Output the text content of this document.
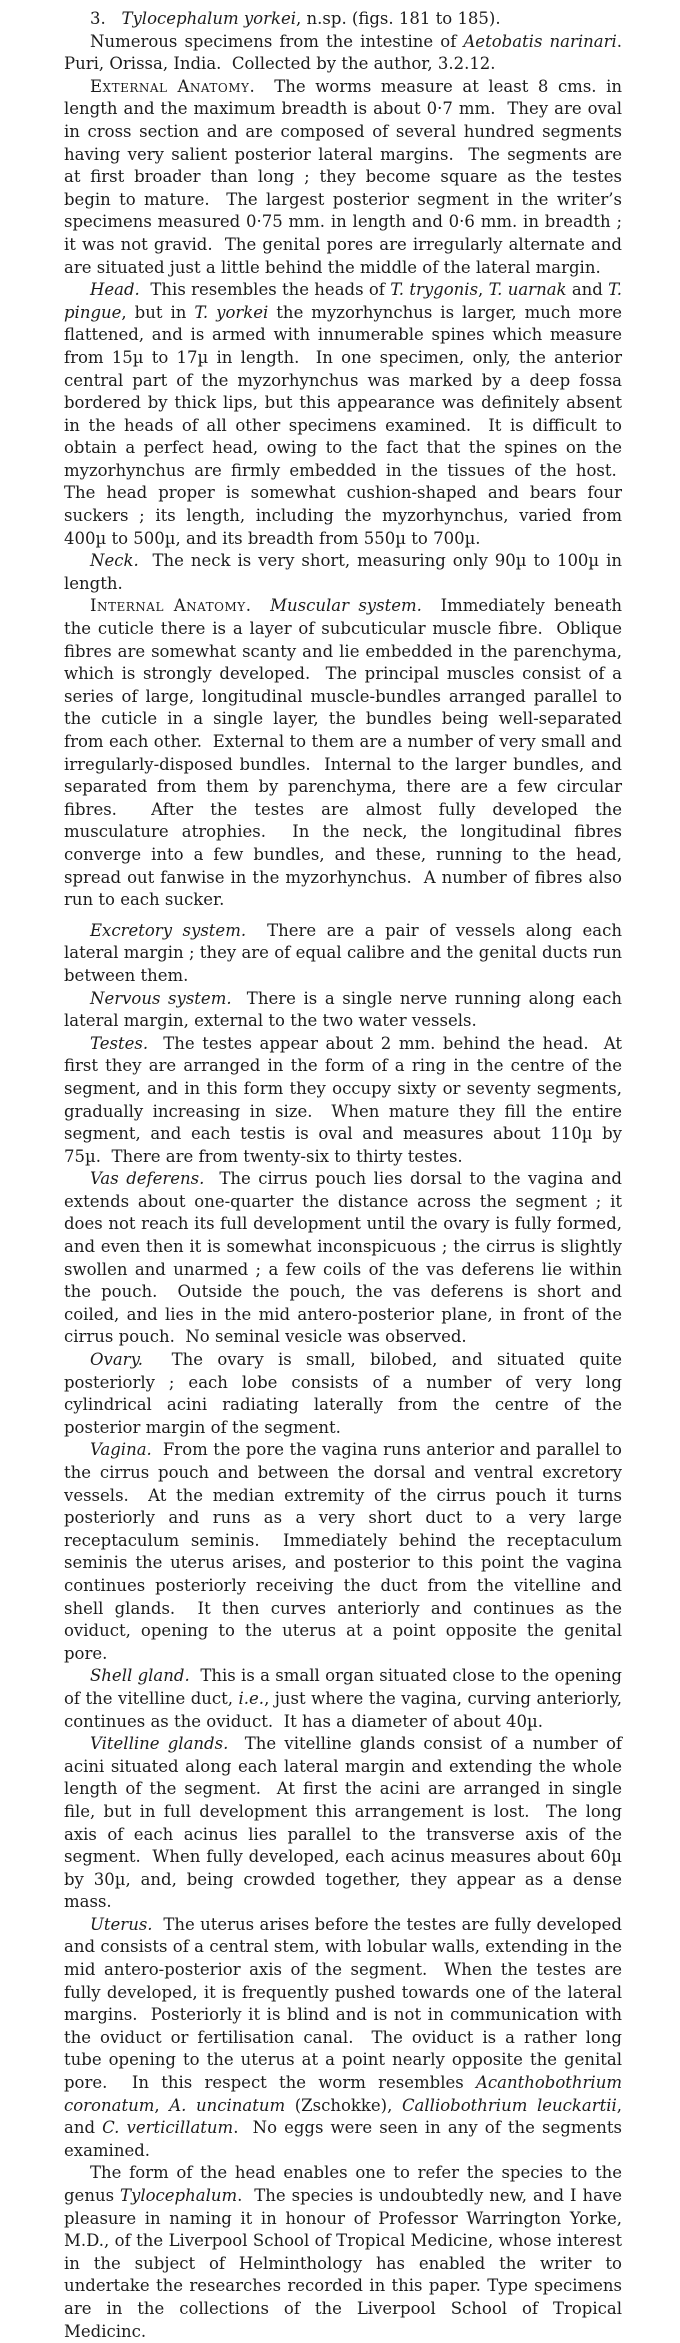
3.   Tylocephalum yorkei, n.sp. (figs. 181 to 185).

Numerous specimens from the intestine of Aetobatis narinari. Puri, Orissa, India.  Collected by the author, 3.2.12.

External Anatomy.  The worms measure at least 8 cms. in length and the maximum breadth is about 0·7 mm.  They are oval in cross section and are composed of several hundred segments having very salient posterior lateral margins.  The segments are at first broader than long ; they become square as the testes begin to mature.  The largest posterior segment in the writer’s specimens measured 0·75 mm. in length and 0·6 mm. in breadth ; it was not gravid.  The genital pores are irregularly alternate and are situated just a little behind the middle of the lateral margin.

Head.  This resembles the heads of T. trygonis, T. uarnak and T. pingue, but in T. yorkei the myzorhynchus is larger, much more flattened, and is armed with innumerable spines which measure from 15µ to 17µ in length.  In one specimen, only, the anterior central part of the myzorhynchus was marked by a deep fossa bordered by thick lips, but this appearance was definitely absent in the heads of all other specimens examined.  It is difficult to obtain a perfect head, owing to the fact that the spines on the myzorhynchus are firmly embedded in the tissues of the host.  The head proper is somewhat cushion-shaped and bears four suckers ; its length, including the myzorhynchus, varied from 400µ to 500µ, and its breadth from 550µ to 700µ.

Neck.  The neck is very short, measuring only 90µ to 100µ in length.

Internal Anatomy. Muscular system.  Immediately beneath the cuticle there is a layer of subcuticular muscle fibre.  Oblique fibres are somewhat scanty and lie embedded in the parenchyma, which is strongly developed.  The principal muscles consist of a series of large, longitudinal muscle-bundles arranged parallel to the cuticle in a single layer, the bundles being well-separated from each other.  External to them are a number of very small and irregularly-disposed bundles.  Internal to the larger bundles, and separated from them by parenchyma, there are a few circular fibres.  After the testes are almost fully developed the musculature atrophies.  In the neck, the longitudinal fibres converge into a few bundles, and these, running to the head, spread out fanwise in the myzorhynchus.  A number of fibres also run to each sucker.

Excretory system.  There are a pair of vessels along each lateral margin ; they are of equal calibre and the genital ducts run between them.

Nervous system.  There is a single nerve running along each lateral margin, external to the two water vessels.

Testes.  The testes appear about 2 mm. behind the head.  At first they are arranged in the form of a ring in the centre of the segment, and in this form they occupy sixty or seventy segments, gradually increasing in size.  When mature they fill the entire segment, and each testis is oval and measures about 110µ by 75µ.  There are from twenty-six to thirty testes.

Vas deferens.  The cirrus pouch lies dorsal to the vagina and extends about one-quarter the distance across the segment ; it does not reach its full development until the ovary is fully formed, and even then it is somewhat inconspicuous ; the cirrus is slightly swollen and unarmed ; a few coils of the vas deferens lie within the pouch.  Outside the pouch, the vas deferens is short and coiled, and lies in the mid antero-posterior plane, in front of the cirrus pouch.  No seminal vesicle was observed.

Ovary.  The ovary is small, bilobed, and situated quite posteriorly ; each lobe consists of a number of very long cylindrical acini radiating laterally from the centre of the posterior margin of the segment.

Vagina.  From the pore the vagina runs anterior and parallel to the cirrus pouch and between the dorsal and ventral excretory vessels.  At the median extremity of the cirrus pouch it turns posteriorly and runs as a very short duct to a very large receptaculum seminis.  Immediately behind the receptaculum seminis the uterus arises, and posterior to this point the vagina continues posteriorly receiving the duct from the vitelline and shell glands.  It then curves anteriorly and continues as the oviduct, opening to the uterus at a point opposite the genital pore.

Shell gland.  This is a small organ situated close to the opening of the vitelline duct, i.e., just where the vagina, curving anteriorly, continues as the oviduct.  It has a diameter of about 40µ.

Vitelline glands.  The vitelline glands consist of a number of acini situated along each lateral margin and extending the whole length of the segment.  At first the acini are arranged in single file, but in full development this arrangement is lost.  The long axis of each acinus lies parallel to the transverse axis of the segment.  When fully developed, each acinus measures about 60µ by 30µ, and, being crowded together, they appear as a dense mass.

Uterus.  The uterus arises before the testes are fully developed and consists of a central stem, with lobular walls, extending in the mid antero-posterior axis of the segment.  When the testes are fully developed, it is frequently pushed towards one of the lateral margins.  Posteriorly it is blind and is not in communication with the oviduct or fertilisation canal.  The oviduct is a rather long tube opening to the uterus at a point nearly opposite the genital pore.  In this respect the worm resembles Acanthobothrium coronatum, A. uncinatum (Zschokke), Calliobothrium leuckartii, and C. verticillatum.  No eggs were seen in any of the segments examined.

The form of the head enables one to refer the species to the genus Tylocephalum.  The species is undoubtedly new, and I have pleasure in naming it in honour of Professor Warrington Yorke, M.D., of the Liverpool School of Tropical Medicine, whose interest in the subject of Helminthology has enabled the writer to undertake the researches recorded in this paper. Type specimens are in the collections of the Liverpool School of Tropical Medicinc.
